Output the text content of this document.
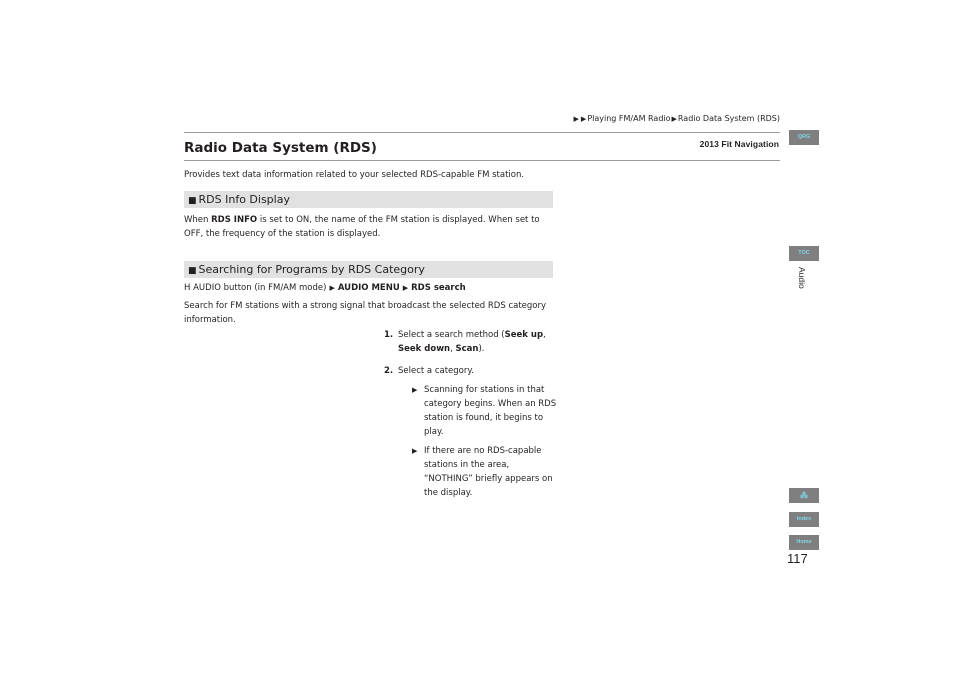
▶ ▶Playing FM/AM Radio▶Radio Data System (RDS)
Radio Data System (RDS)	2013 Fit Navigation

Provides text data information related to your selected RDS-capable FM station.

■ RDS Info Display

When RDS INFO is set to ON, the name of the FM station is displayed. When set to OFF, the frequency of the station is displayed.

■ Searching for Programs by RDS Category
H AUDIO button (in FM/AM mode) ▶ AUDIO MENU ▶ RDS search

Search for FM stations with a strong signal that broadcast the selected RDS category information.

1. Select a search method (Seek up, Seek down, Scan).
2. Select a category.
▶ Scanning for stations in that category begins. When an RDS station is found, it begins to play.
▶ If there are no RDS-capable stations in the area, “NOTHING” briefly appears on the display.
QRG
TOC
Audio
⁂
Index
Home
117
